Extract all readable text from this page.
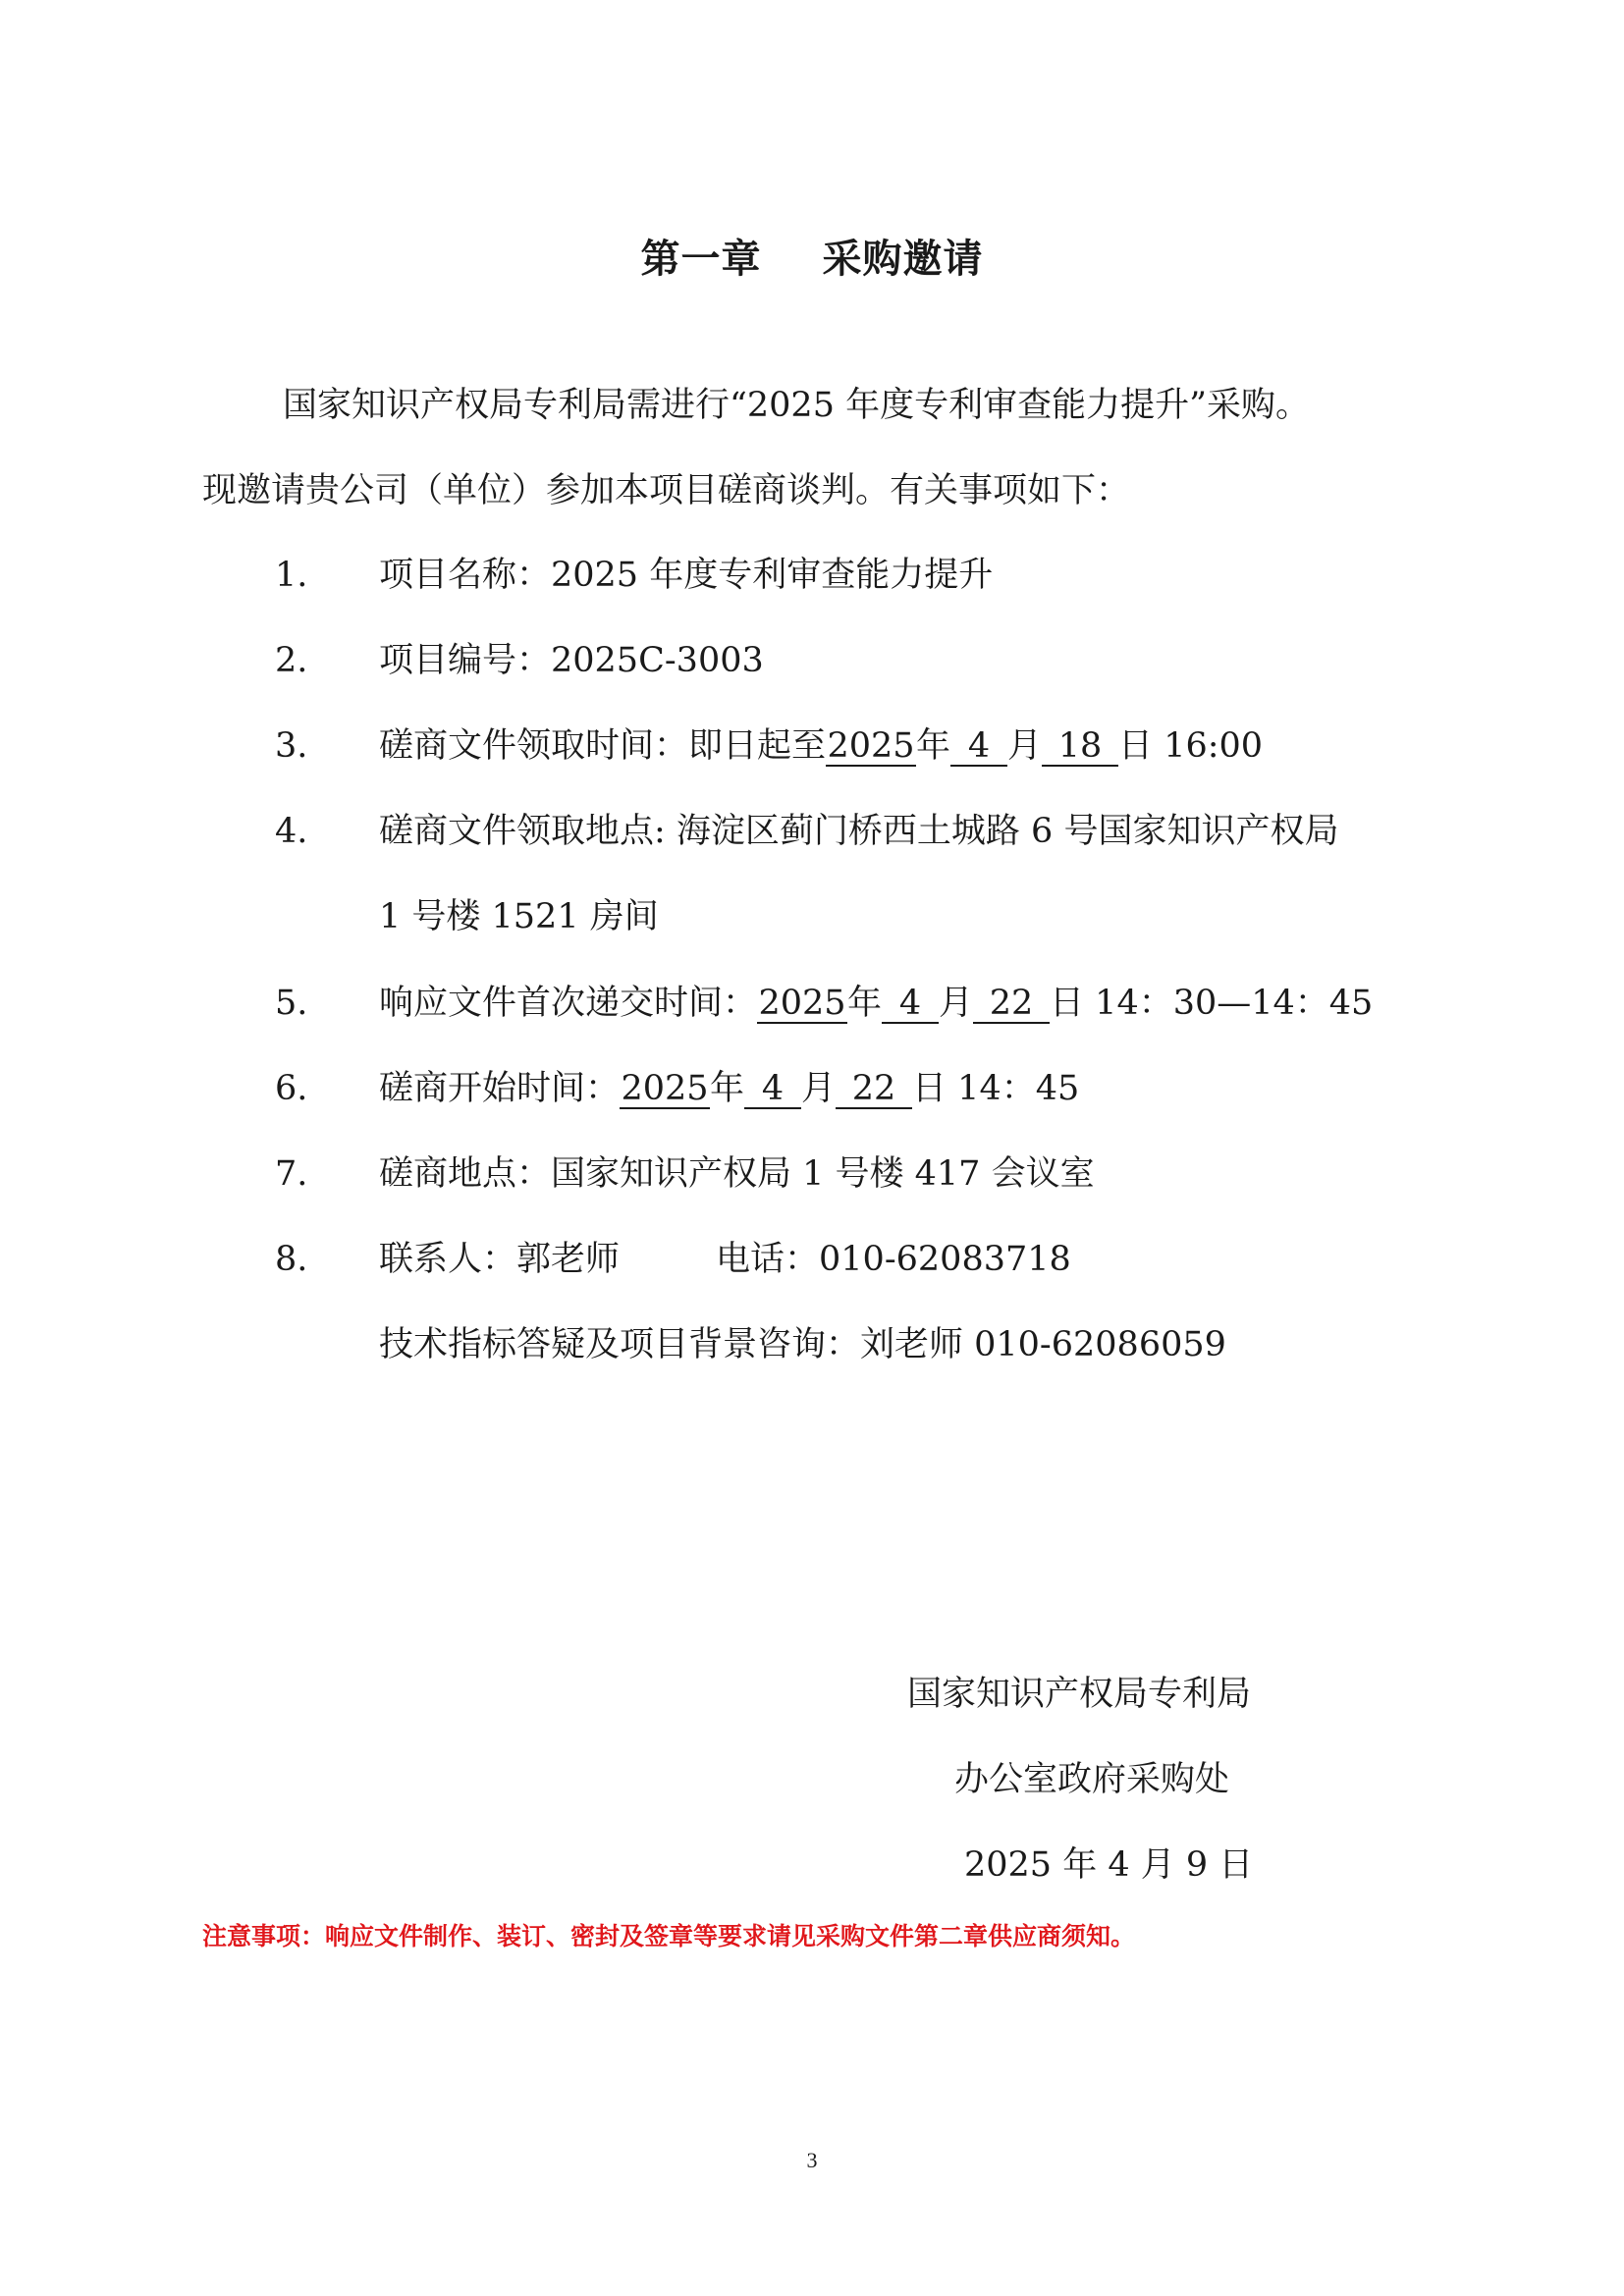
第一章 采购邀请
国家知识产权局专利局需进行“2025 年度专利审查能力提升”采购。
现邀请贵公司（单位）参加本项目磋商谈判。有关事项如下：
1. 项目名称：2025 年度专利审查能力提升
2. 项目编号：2025C-3003
3. 磋商文件领取时间：即日起至2025年 4 月 18 日 16:00
4. 磋商文件领取地点: 海淀区蓟门桥西土城路 6 号国家知识产权局
1 号楼 1521 房间
5. 响应文件首次递交时间：2025年 4 月 22 日 14：30—14：45
6. 磋商开始时间：2025年 4 月 22 日 14：45
7. 磋商地点：国家知识产权局 1 号楼 417 会议室
8. 联系人：郭老师	电话：010-62083718
技术指标答疑及项目背景咨询：刘老师 010-62086059
国家知识产权局专利局
办公室政府采购处
2025 年 4 月 9 日
注意事项：响应文件制作、装订、密封及签章等要求请见采购文件第二章供应商须知。
3
